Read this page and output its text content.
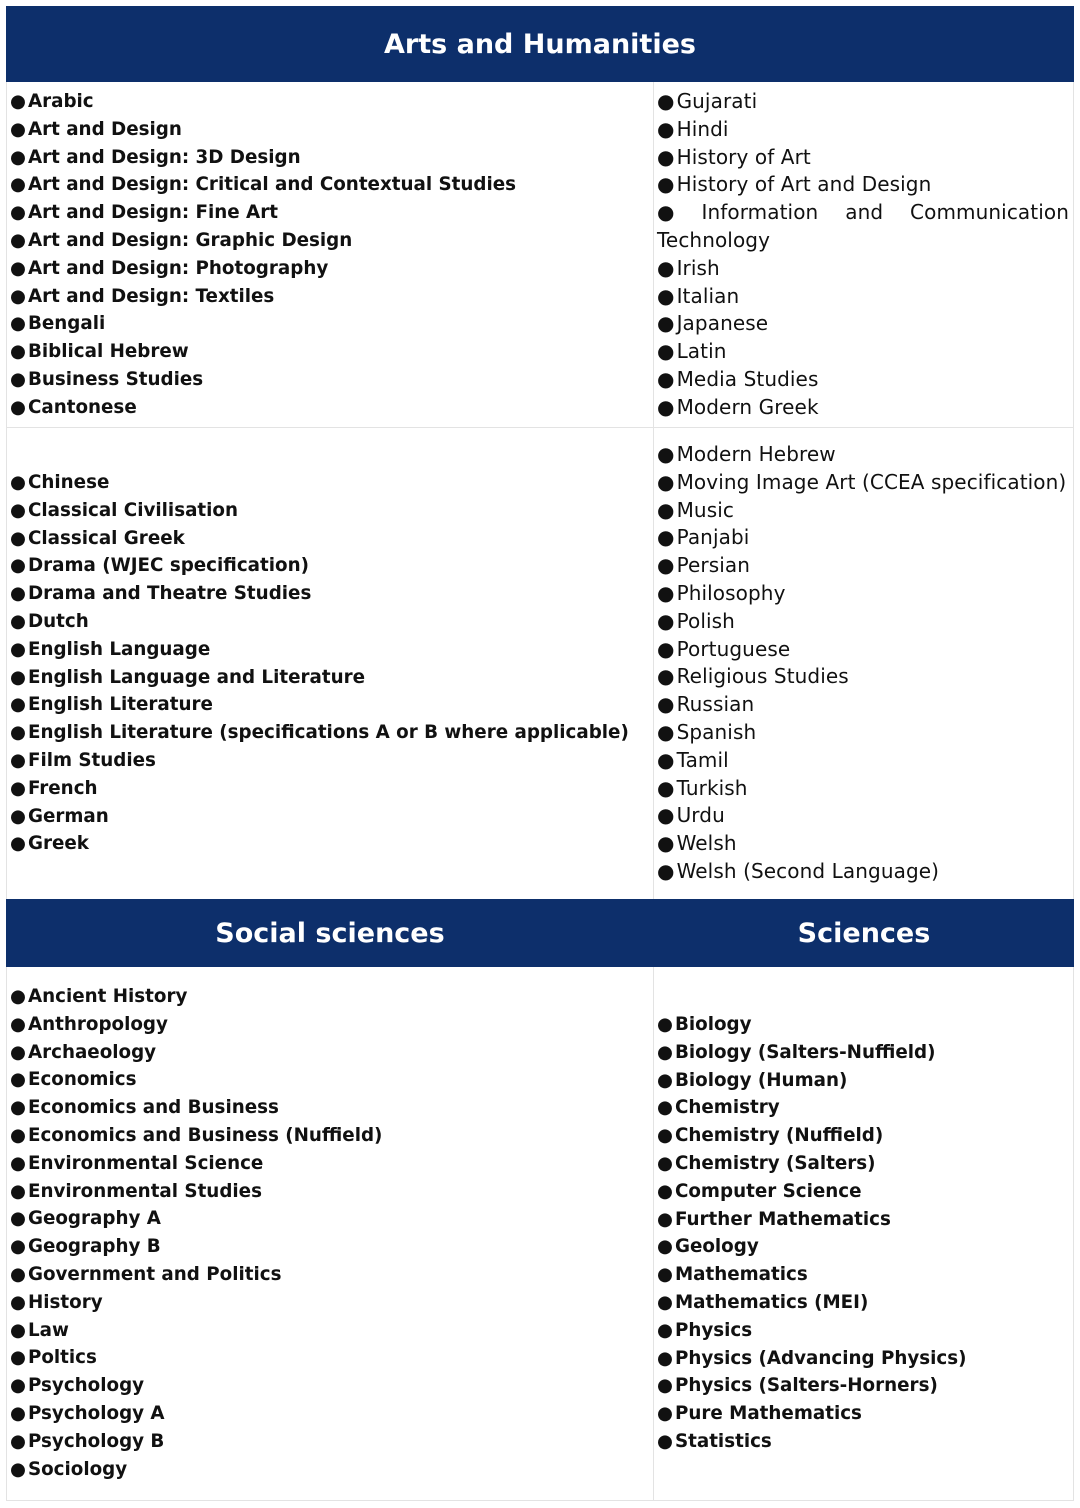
Arts and Humanities
● Arabic
● Art and Design
● Art and Design: 3D Design
● Art and Design: Critical and Contextual Studies
● Art and Design: Fine Art
● Art and Design: Graphic Design
● Art and Design: Photography
● Art and Design: Textiles
● Bengali
● Biblical Hebrew
● Business Studies
● Cantonese
● Gujarati
● Hindi
● History of Art
● History of Art and Design
● Information and Communication
Technology
● Irish
● Italian
● Japanese
● Latin
● Media Studies
● Modern Greek
● Chinese
● Classical Civilisation
● Classical Greek
● Drama (WJEC specification)
● Drama and Theatre Studies
● Dutch
● English Language
● English Language and Literature
● English Literature
● English Literature (specifications A or B where applicable)
● Film Studies
● French
● German
● Greek
● Modern Hebrew
● Moving Image Art (CCEA specification)
● Music
● Panjabi
● Persian
● Philosophy
● Polish
● Portuguese
● Religious Studies
● Russian
● Spanish
● Tamil
● Turkish
● Urdu
● Welsh
● Welsh (Second Language)
Social sciences	Sciences
● Ancient History
● Anthropology
● Archaeology
● Economics
● Economics and Business
● Economics and Business (Nuffield)
● Environmental Science
● Environmental Studies
● Geography A
● Geography B
● Government and Politics
● History
● Law
● Poltics
● Psychology
● Psychology A
● Psychology B
● Sociology
● Biology
● Biology (Salters-Nuffield)
● Biology (Human)
● Chemistry
● Chemistry (Nuffield)
● Chemistry (Salters)
● Computer Science
● Further Mathematics
● Geology
● Mathematics
● Mathematics (MEI)
● Physics
● Physics (Advancing Physics)
● Physics (Salters-Horners)
● Pure Mathematics
● Statistics
